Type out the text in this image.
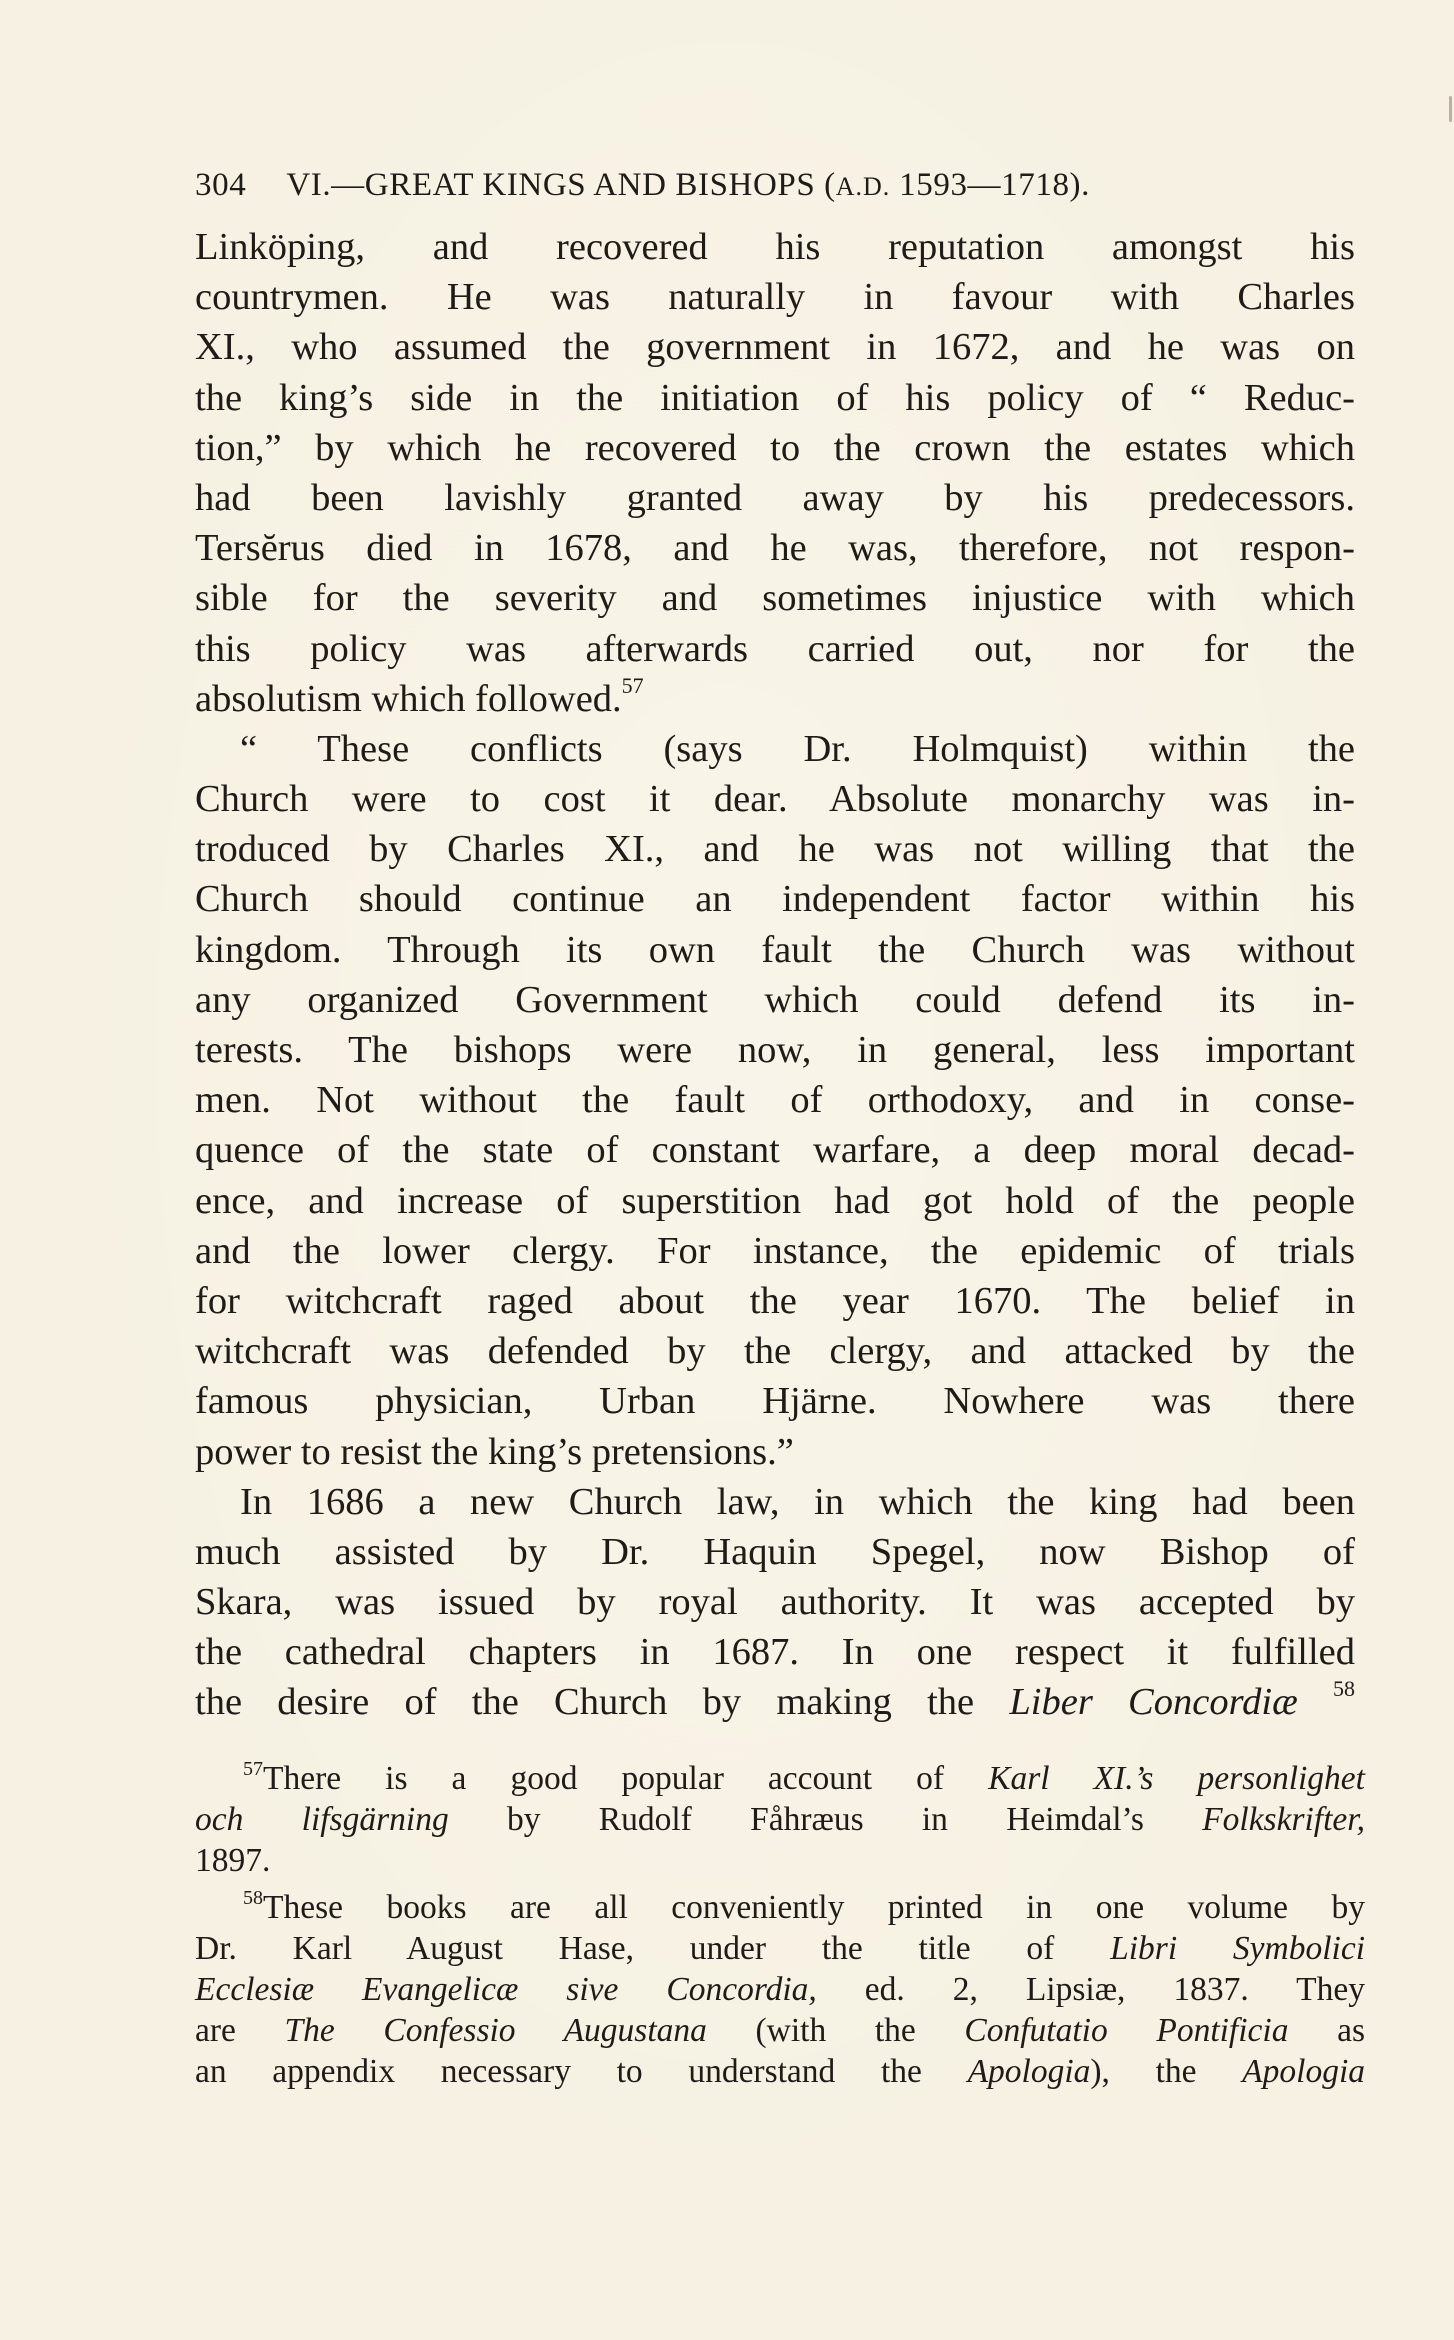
304 VI.—GREAT KINGS AND BISHOPS (A.D. 1593—1718).
Linköping, and recovered his reputation amongst his
countrymen. He was naturally in favour with Charles
XI., who assumed the government in 1672, and he was on
the king’s side in the initiation of his policy of “ Reduc-
tion,” by which he recovered to the crown the estates which
had been lavishly granted away by his predecessors.
Tersĕrus died in 1678, and he was, therefore, not respon-
sible for the severity and sometimes injustice with which
this policy was afterwards carried out, nor for the
absolutism which followed.$^{57}$
“ These conflicts (says Dr. Holmquist) within the
Church were to cost it dear. Absolute monarchy was in-
troduced by Charles XI., and he was not willing that the
Church should continue an independent factor within his
kingdom. Through its own fault the Church was without
any organized Government which could defend its in-
terests. The bishops were now, in general, less important
men. Not without the fault of orthodoxy, and in conse-
quence of the state of constant warfare, a deep moral decad-
ence, and increase of superstition had got hold of the people
and the lower clergy. For instance, the epidemic of trials
for witchcraft raged about the year 1670. The belief in
witchcraft was defended by the clergy, and attacked by the
famous physician, Urban Hjärne. Nowhere was there
power to resist the king’s pretensions.”
In 1686 a new Church law, in which the king had been
much assisted by Dr. Haquin Spegel, now Bishop of
Skara, was issued by royal authority. It was accepted by
the cathedral chapters in 1687. In one respect it fulfilled
the desire of the Church by making the Liber Concordiæ $^{58}$
$^{57}$There is a good popular account of Karl XI.’s personlighet
och lifsgärning by Rudolf Fåhræus in Heimdal’s Folkskrifter,
1897.
$^{58}$These books are all conveniently printed in one volume by
Dr. Karl August Hase, under the title of Libri Symbolici
Ecclesiæ Evangelicæ sive Concordia, ed. 2, Lipsiæ, 1837. They
are The Confessio Augustana (with the Confutatio Pontificia as
an appendix necessary to understand the Apologia), the Apologia
